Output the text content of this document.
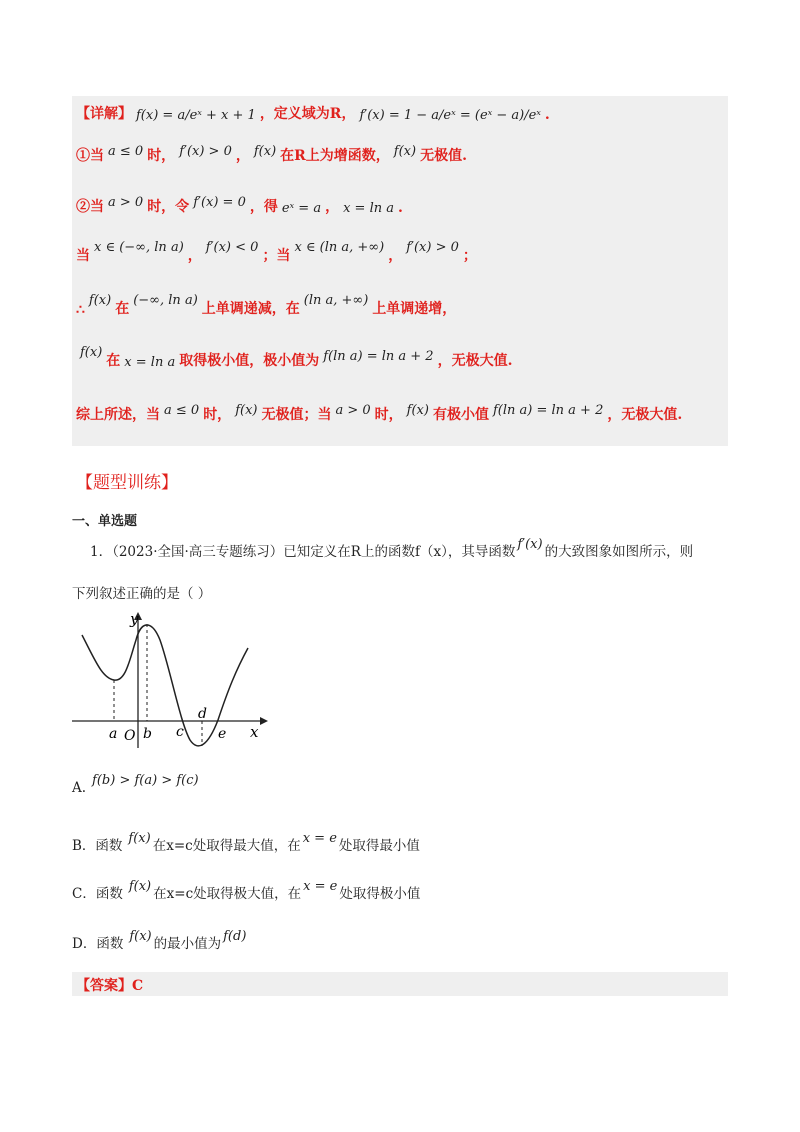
【详解】 f(x) = a/eˣ + x + 1 ，定义域为R， f′(x) = 1 − a/eˣ = (eˣ − a)/eˣ .
①当 a ≤ 0 时， f′(x) > 0 ， f(x) 在R上为增函数， f(x) 无极值.
②当 a > 0 时，令 f′(x) = 0 ，得 eˣ = a ， x = ln a .
当
x ∈ (−∞, ln a)
，
f′(x) < 0
；当
x ∈ (ln a, +∞)
，
f′(x) > 0
；
∴
f(x)
在
(−∞, ln a)
上单调递减，在
(ln a, +∞)
上单调递增，
f(x)
在 x = ln a 取得极小值，极小值为 f(ln a) = ln a + 2 ，无极大值.
综上所述，当 a ≤ 0 时， f(x) 无极值；当 a > 0 时， f(x) 有极小值 f(ln a) = ln a + 2 ，无极大值.
【题型训练】
一、单选题
1．（2023·全国·高三专题练习）已知定义在R上的函数f（x），其导函数 f′(x) 的大致图象如图所示，则
下列叙述正确的是（ ）
y
x
a O b c
d
e
A. f(b) > f(a) > f(c)
B．函数 f(x) 在x=c处取得最大值，在 x = e 处取得最小值
C．函数 f(x) 在x=c处取得极大值，在 x = e 处取得极小值
D．函数 f(x) 的最小值为 f(d)
【答案】C
